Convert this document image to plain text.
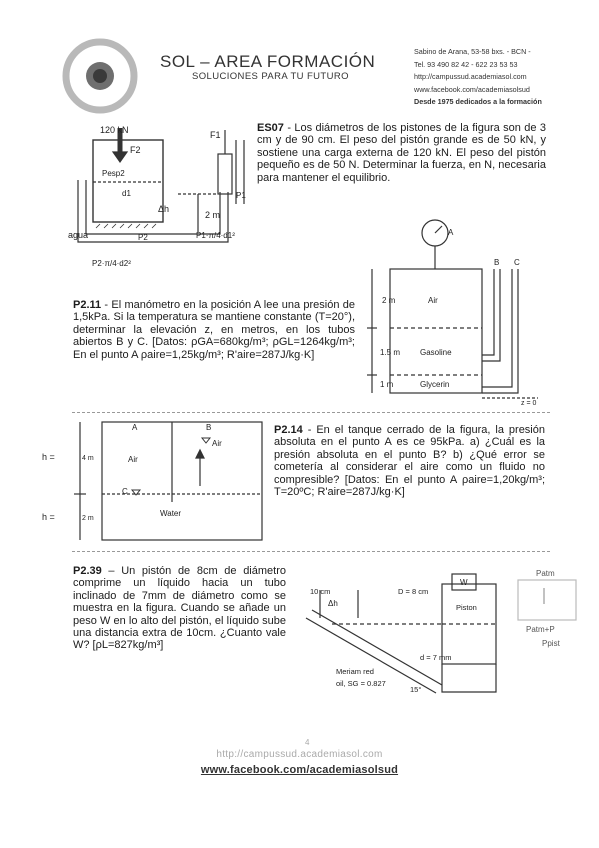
SOL – AREA FORMACIÓN
SOLUCIONES PARA TU FUTURO
Sabino de Arana, 53-58 bxs. - BCN -
Tel. 93 490 82 42 - 622 23 53 53
http://campussud.academiasol.com
www.facebook.com/academiasolsud
Desde 1975 dedicados a la formación
120 kN
2 m
Δh
agua
F2
F1
Pesp2
P2
d1	P1
P1·π/4·d1²
P2·π/4·d2²
ES07 - Los diámetros de los pistones de la figura son de 3 cm y de 90 cm. El peso del pistón grande es de 50 kN, y sostiene una carga externa de 120 kN. El peso del pistón pequeño es de 50 N. Determinar la fuerza, en N, necesaria para mantener el equilibrio.
P2.11 - El manómetro en la posición A lee una presión de 1,5kPa. Si la temperatura se mantiene constante (T=20°), determinar la elevación z, en metros, en los tubos abiertos B y C. [Datos: ρGA=680kg/m³; ρGL=1264kg/m³; En el punto A ρaire=1,25kg/m³; R'aire=287J/kg·K]
2 m
1.5 m
1 m
Air
Gasoline
Glycerin
A
B C
z = 0
A	B
Air
Air
C
Water
h =
h =
4 m
2 m
P2.14 - En el tanque cerrado de la figura, la presión absoluta en el punto A es ce 95kPa. a) ¿Cuál es la presión absoluta en el punto B? b) ¿Qué error se cometería al considerar el aire como un fluido no compresible? [Datos: En el punto A ρaire=1,20kg/m³; T=20ºC; R'aire=287J/kg·K]
P2.39 – Un pistón de 8cm de diámetro comprime un líquido hacia un tubo inclinado de 7mm de diámetro como se muestra en la figura. Cuando se añade un peso W en lo alto del pistón, el líquido sube una distancia extra de 10cm. ¿Cuanto vale W? [ρL=827kg/m³]
10 cm	D = 8 cm
W
Piston
d = 7 mm
Meriam red
oil, SG = 0.827
15°
Δh
Patm
Patm+P
Ppist
4
http://campussud.academiasol.com
www.facebook.com/academiasolsud
